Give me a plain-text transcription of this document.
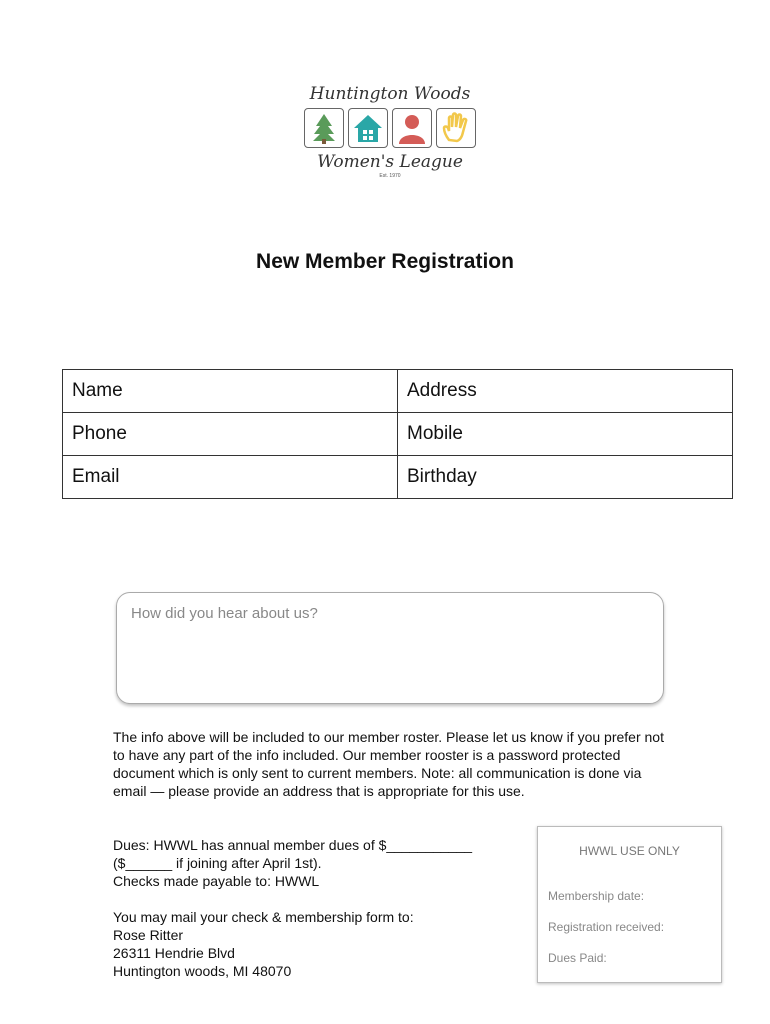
Huntington Woods
Women's League
Est. 1970
New Member Registration
Name	Address
Phone	Mobile
Email	Birthday
How did you hear about us?

The info above will be included to our member roster. Please let us know if you prefer not to have any part of the info included. Our member rooster is a password protected document which is only sent to current members. Note: all communication is done via email — please provide an address that is appropriate for this use.

Dues: HWWL has annual member dues of $___________
($______ if joining after April 1st).
Checks made payable to: HWWL
You may mail your check & membership form to:
Rose Ritter
26311 Hendrie Blvd
Huntington woods, MI 48070
HWWL USE ONLY
Membership date:
Registration received:
Dues Paid:
